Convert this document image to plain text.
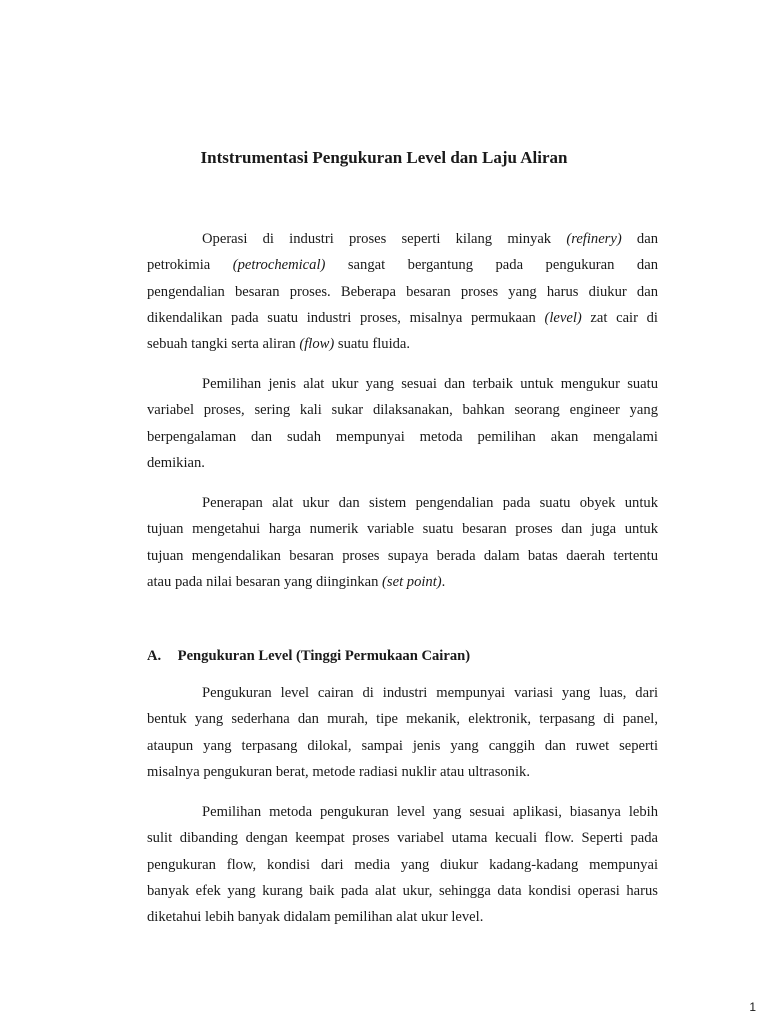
Intstrumentasi Pengukuran Level dan Laju Aliran
Operasi di industri proses seperti kilang minyak (refinery) dan
petrokimia (petrochemical) sangat bergantung pada pengukuran dan
pengendalian besaran proses. Beberapa besaran proses yang harus diukur dan
dikendalikan pada suatu industri proses, misalnya permukaan (level) zat cair di
sebuah tangki serta aliran (flow) suatu fluida.
Pemilihan jenis alat ukur yang sesuai dan terbaik untuk mengukur suatu
variabel proses, sering kali sukar dilaksanakan, bahkan seorang engineer yang
berpengalaman dan sudah mempunyai metoda pemilihan akan mengalami
demikian.
Penerapan alat ukur dan sistem pengendalian pada suatu obyek untuk
tujuan mengetahui harga numerik variable suatu besaran proses dan juga untuk
tujuan mengendalikan besaran proses supaya berada dalam batas daerah tertentu
atau pada nilai besaran yang diinginkan (set point).
A. Pengukuran Level (Tinggi Permukaan Cairan)
Pengukuran level cairan di industri mempunyai variasi yang luas, dari
bentuk yang sederhana dan murah, tipe mekanik, elektronik, terpasang di panel,
ataupun yang terpasang dilokal, sampai jenis yang canggih dan ruwet seperti
misalnya pengukuran berat, metode radiasi nuklir atau ultrasonik.
Pemilihan metoda pengukuran level yang sesuai aplikasi, biasanya lebih
sulit dibanding dengan keempat proses variabel utama kecuali flow. Seperti pada
pengukuran flow, kondisi dari media yang diukur kadang-kadang mempunyai
banyak efek yang kurang baik pada alat ukur, sehingga data kondisi operasi harus
diketahui lebih banyak didalam pemilihan alat ukur level.
1
